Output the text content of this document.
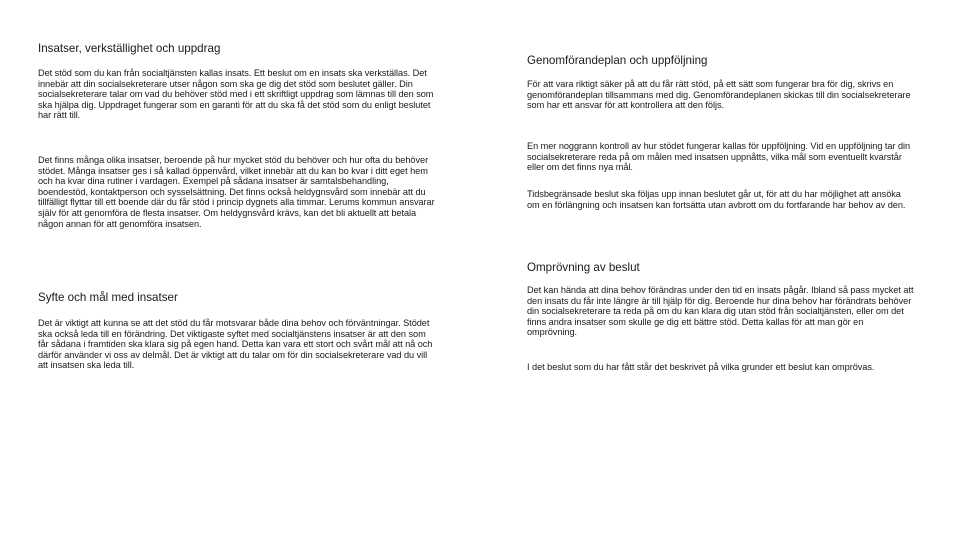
Insatser, verkställighet och uppdrag

Det stöd som du kan från socialtjänsten kallas insats. Ett beslut om en insats ska verkställas. Det innebär att din socialsekreterare utser någon som ska ge dig det stöd som beslutet gäller. Din socialsekreterare talar om vad du behöver stöd med i ett skriftligt uppdrag som lämnas till den som ska hjälpa dig. Uppdraget fungerar som en garanti för att du ska få det stöd som du enligt beslutet har rätt till.

Det finns många olika insatser, beroende på hur mycket stöd du behöver och hur ofta du behöver stödet. Många insatser ges i så kallad öppenvård, vilket innebär att du kan bo kvar i ditt eget hem och ha kvar dina rutiner i vardagen. Exempel på sådana insatser är samtalsbehandling, boendestöd, kontaktperson och sysselsättning. Det finns också heldygnsvård som innebär att du tillfälligt flyttar till ett boende där du får stöd i princip dygnets alla timmar. Lerums kommun ansvarar själv för att genomföra de flesta insatser. Om heldygnsvård krävs, kan det bli aktuellt att betala någon annan för att genomföra insatsen.

Syfte och mål med insatser

Det är viktigt att kunna se att det stöd du får motsvarar både dina behov och förväntningar. Stödet ska också leda till en förändring. Det viktigaste syftet med socialtjänstens insatser är att den som får sådana i framtiden ska klara sig på egen hand. Detta kan vara ett stort och svårt mål att nå och därför använder vi oss av delmål. Det är viktigt att du talar om för din socialsekreterare vad du vill att insatsen ska leda till.

Genomförandeplan och uppföljning

För att vara riktigt säker på att du får rätt stöd, på ett sätt som fungerar bra för dig, skrivs en genomförandeplan tillsammans med dig. Genomförandeplanen skickas till din socialsekreterare som har ett ansvar för att kontrollera att den följs.

En mer noggrann kontroll av hur stödet fungerar kallas för uppföljning. Vid en uppföljning tar din socialsekreterare reda på om målen med insatsen uppnåtts, vilka mål som eventuellt kvarstår eller om det finns nya mål.

Tidsbegränsade beslut ska följas upp innan beslutet går ut, för att du har möjlighet att ansöka om en förlängning och insatsen kan fortsätta utan avbrott om du fortfarande har behov av den.

Omprövning av beslut

Det kan hända att dina behov förändras under den tid en insats pågår. Ibland så pass mycket att den insats du får inte längre är till hjälp för dig. Beroende hur dina behov har förändrats behöver din socialsekreterare ta reda på om du kan klara dig utan stöd från socialtjänsten, eller om det finns andra insatser som skulle ge dig ett bättre stöd. Detta kallas för att man gör en omprövning.

I det beslut som du har fått står det beskrivet på vilka grunder ett beslut kan omprövas.
